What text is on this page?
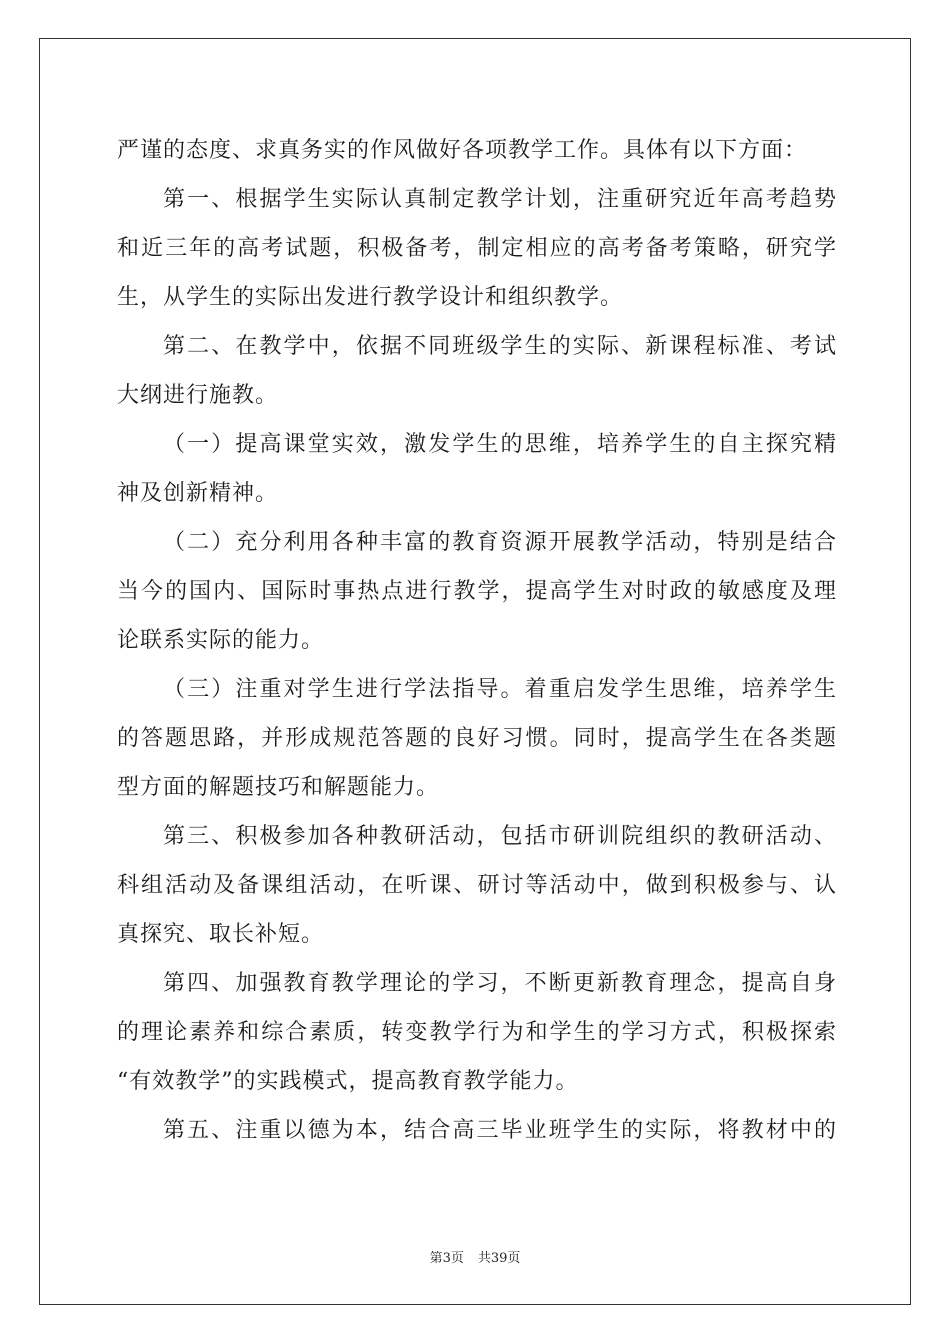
严谨的态度、求真务实的作风做好各项教学工作。具体有以下方面：
第一、根据学生实际认真制定教学计划，注重研究近年高考趋势
和近三年的高考试题，积极备考，制定相应的高考备考策略，研究学
生，从学生的实际出发进行教学设计和组织教学。
第二、在教学中，依据不同班级学生的实际、新课程标准、考试
大纲进行施教。
（一）提高课堂实效，激发学生的思维，培养学生的自主探究精
神及创新精神。
（二）充分利用各种丰富的教育资源开展教学活动，特别是结合
当今的国内、国际时事热点进行教学，提高学生对时政的敏感度及理
论联系实际的能力。
（三）注重对学生进行学法指导。着重启发学生思维，培养学生
的答题思路，并形成规范答题的良好习惯。同时，提高学生在各类题
型方面的解题技巧和解题能力。
第三、积极参加各种教研活动，包括市研训院组织的教研活动、
科组活动及备课组活动，在听课、研讨等活动中，做到积极参与、认
真探究、取长补短。
第四、加强教育教学理论的学习，不断更新教育理念，提高自身
的理论素养和综合素质，转变教学行为和学生的学习方式，积极探索
“有效教学”的实践模式，提高教育教学能力。
第五、注重以德为本，结合高三毕业班学生的实际，将教材中的
第3页 共39页
